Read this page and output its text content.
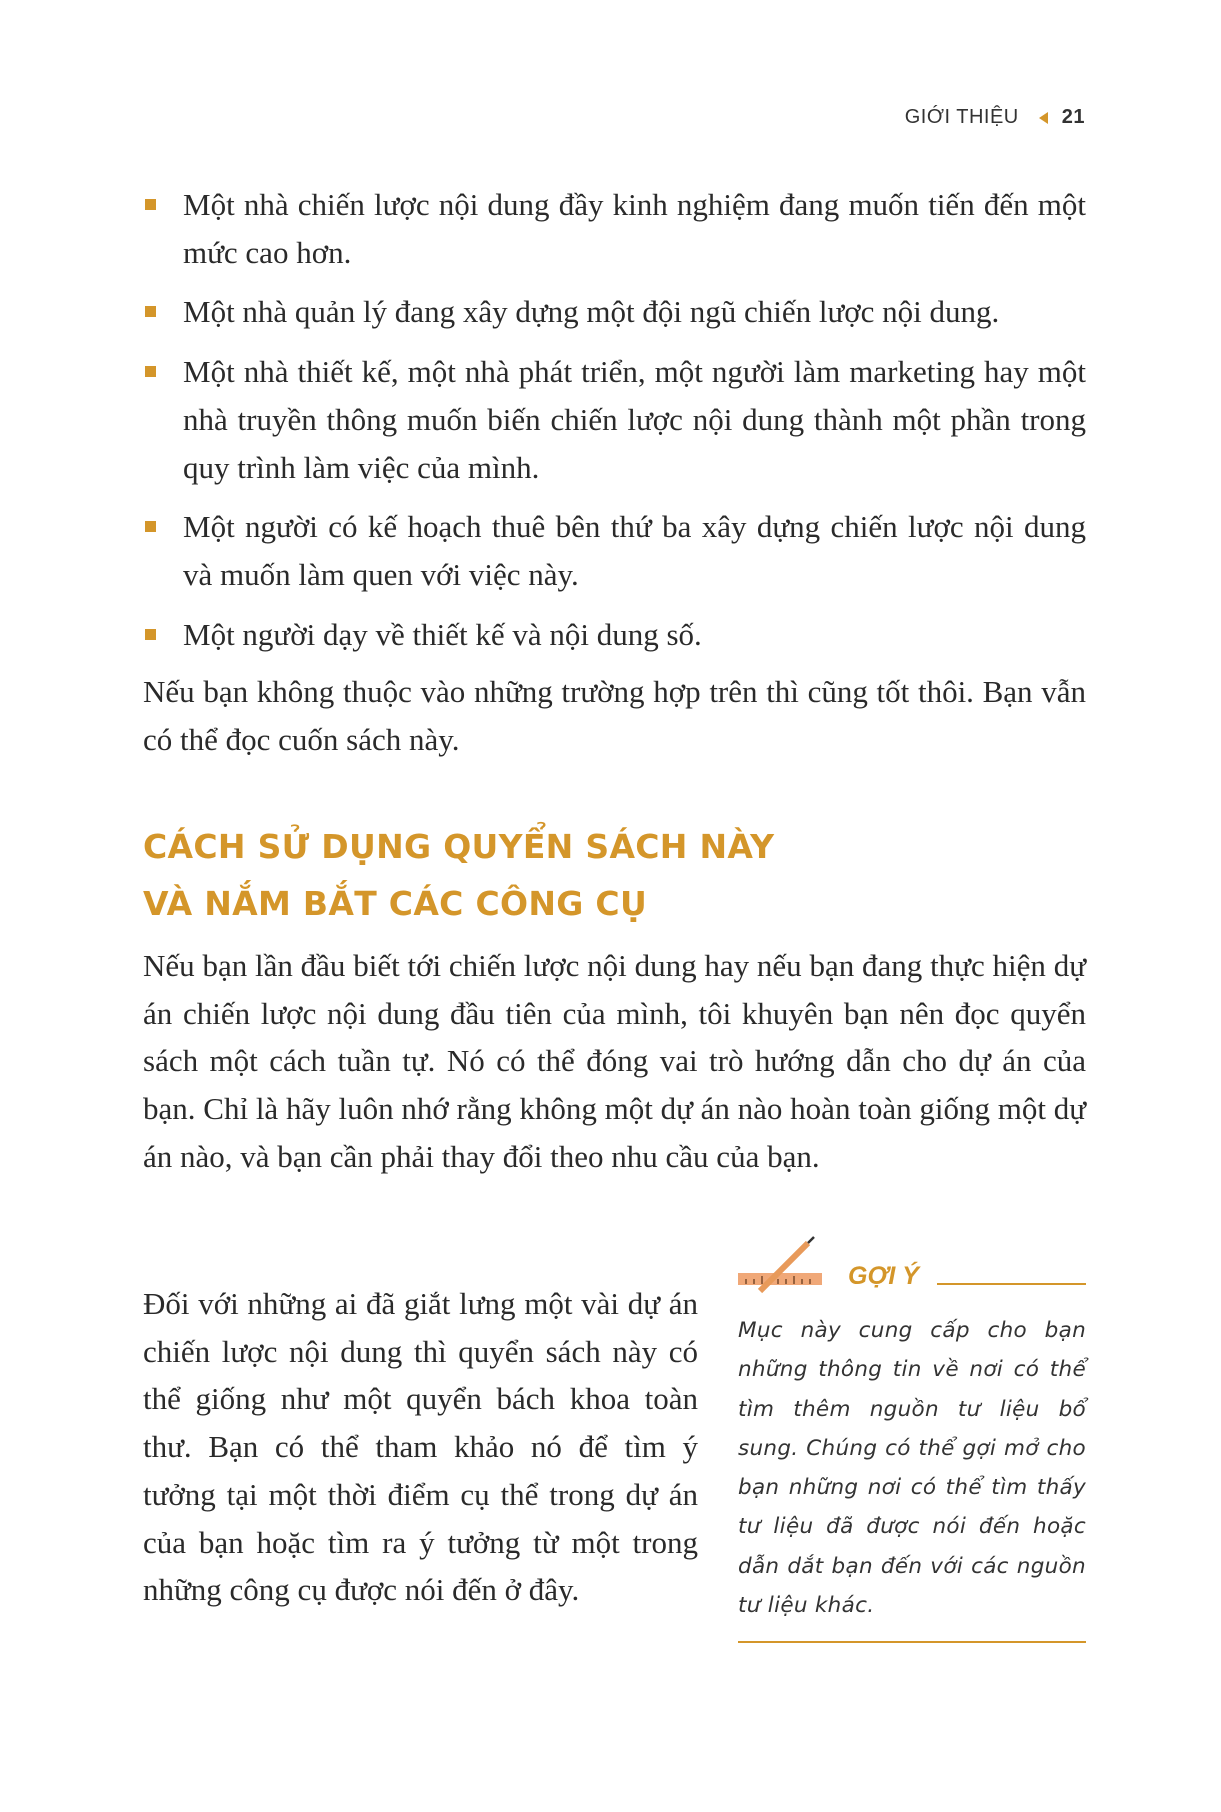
GIỚI THIỆU 21
Một nhà chiến lược nội dung đầy kinh nghiệm đang muốn tiến đến một mức cao hơn.
Một nhà quản lý đang xây dựng một đội ngũ chiến lược nội dung.
Một nhà thiết kế, một nhà phát triển, một người làm marketing hay một nhà truyền thông muốn biến chiến lược nội dung thành một phần trong quy trình làm việc của mình.
Một người có kế hoạch thuê bên thứ ba xây dựng chiến lược nội dung và muốn làm quen với việc này.
Một người dạy về thiết kế và nội dung số.

Nếu bạn không thuộc vào những trường hợp trên thì cũng tốt thôi. Bạn vẫn có thể đọc cuốn sách này.

CÁCH SỬ DỤNG QUYỂN SÁCH NÀY
VÀ NẮM BẮT CÁC CÔNG CỤ

Nếu bạn lần đầu biết tới chiến lược nội dung hay nếu bạn đang thực hiện dự án chiến lược nội dung đầu tiên của mình, tôi khuyên bạn nên đọc quyển sách một cách tuần tự. Nó có thể đóng vai trò hướng dẫn cho dự án của bạn. Chỉ là hãy luôn nhớ rằng không một dự án nào hoàn toàn giống một dự án nào, và bạn cần phải thay đổi theo nhu cầu của bạn.

Đối với những ai đã giắt lưng một vài dự án chiến lược nội dung thì quyển sách này có thể giống như một quyển bách khoa toàn thư. Bạn có thể tham khảo nó để tìm ý tưởng tại một thời điểm cụ thể trong dự án của bạn hoặc tìm ra ý tưởng từ một trong những công cụ được nói đến ở đây.

GỢI Ý

Mục này cung cấp cho bạn những thông tin về nơi có thể tìm thêm nguồn tư liệu bổ sung. Chúng có thể gợi mở cho bạn những nơi có thể tìm thấy tư liệu đã được nói đến hoặc dẫn dắt bạn đến với các nguồn tư liệu khác.
